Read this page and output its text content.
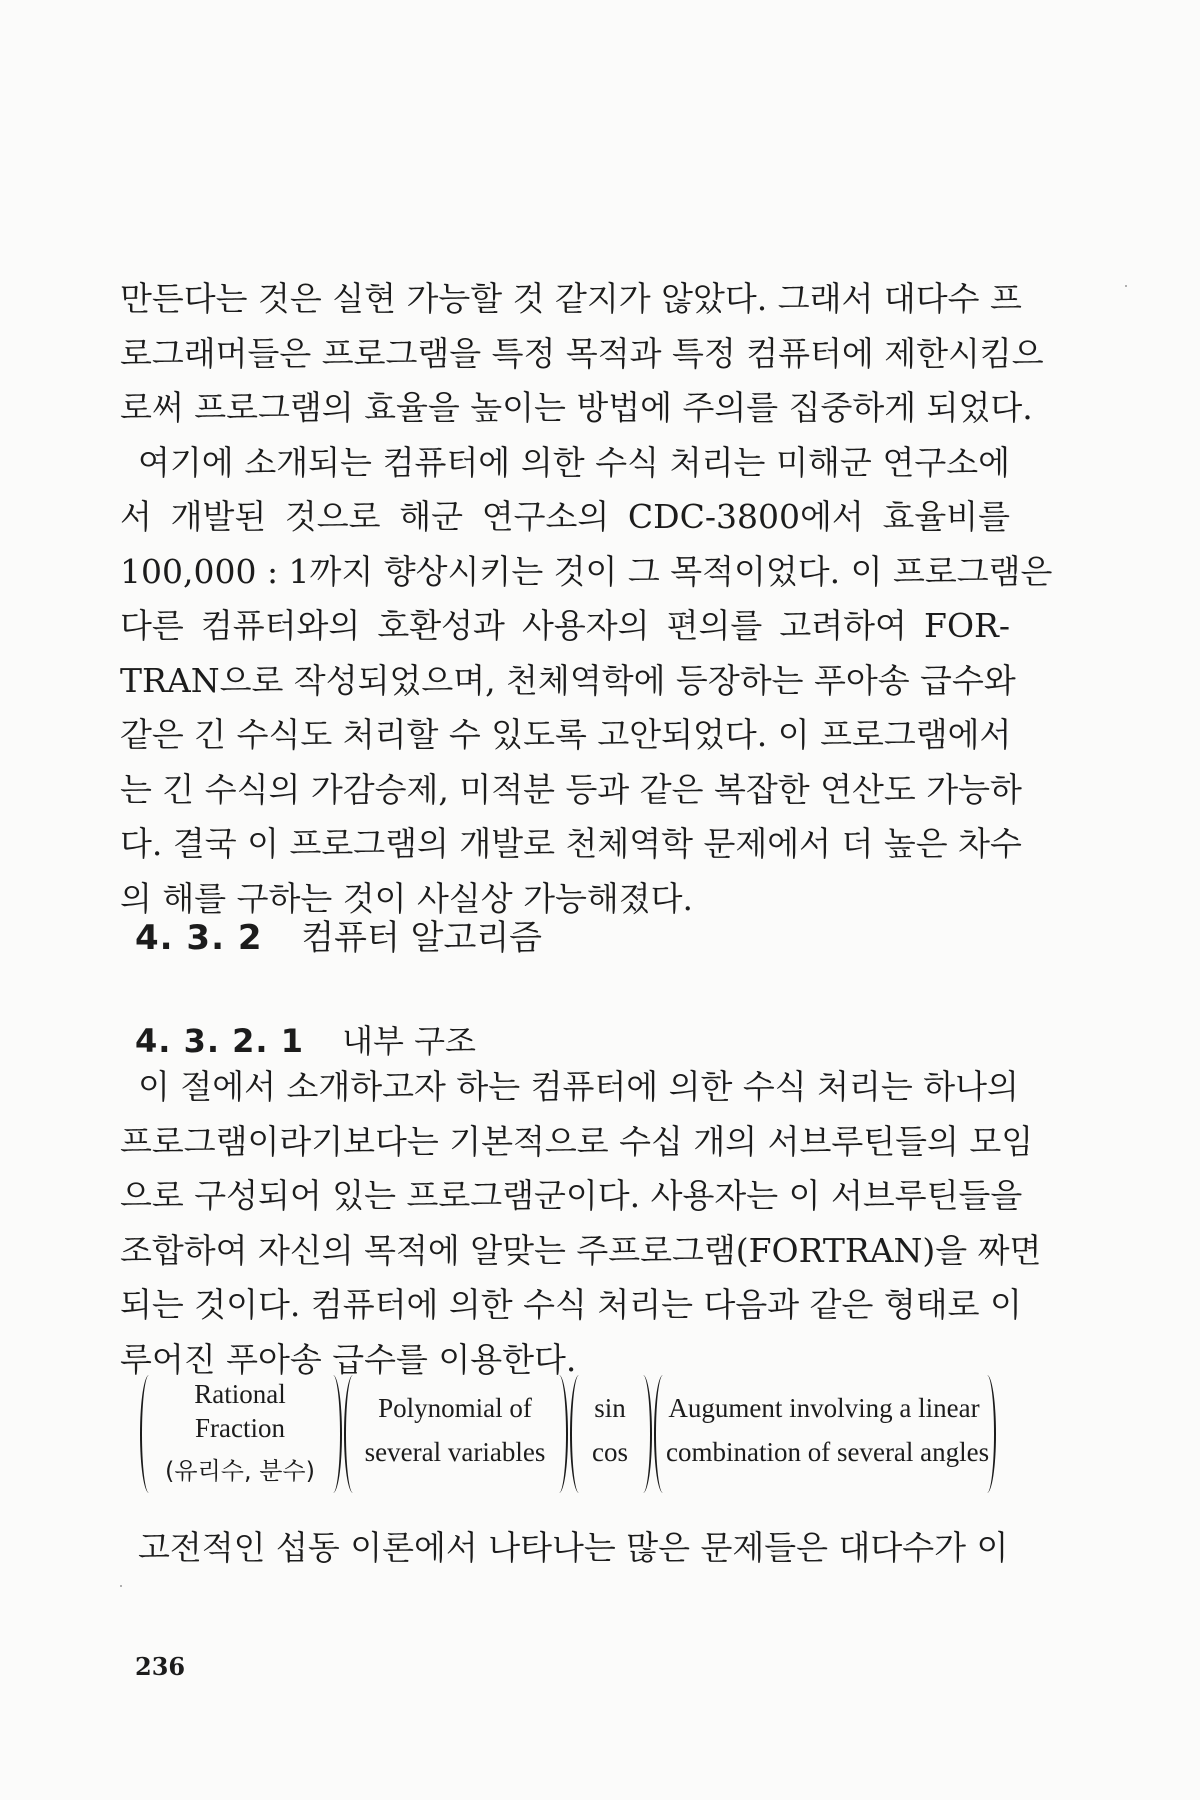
만든다는 것은 실현 가능할 것 같지가 않았다. 그래서 대다수 프
로그래머들은 프로그램을 특정 목적과 특정 컴퓨터에 제한시킴으
로써 프로그램의 효율을 높이는 방법에 주의를 집중하게 되었다.
여기에 소개되는 컴퓨터에 의한 수식 처리는 미해군 연구소에
서 개발된 것으로 해군 연구소의 CDC-3800에서 효율비를
100,000 : 1까지 향상시키는 것이 그 목적이었다. 이 프로그램은
다른 컴퓨터와의 호환성과 사용자의 편의를 고려하여 FOR-
TRAN으로 작성되었으며, 천체역학에 등장하는 푸아송 급수와
같은 긴 수식도 처리할 수 있도록 고안되었다. 이 프로그램에서
는 긴 수식의 가감승제, 미적분 등과 같은 복잡한 연산도 가능하
다. 결국 이 프로그램의 개발로 천체역학 문제에서 더 높은 차수
의 해를 구하는 것이 사실상 가능해졌다.
4. 3. 2 컴퓨터 알고리즘
4. 3. 2. 1 내부 구조
이 절에서 소개하고자 하는 컴퓨터에 의한 수식 처리는 하나의
프로그램이라기보다는 기본적으로 수십 개의 서브루틴들의 모임
으로 구성되어 있는 프로그램군이다. 사용자는 이 서브루틴들을
조합하여 자신의 목적에 알맞는 주프로그램(FORTRAN)을 짜면
되는 것이다. 컴퓨터에 의한 수식 처리는 다음과 같은 형태로 이
루어진 푸아송 급수를 이용한다.
Rational
Fraction
(유리수, 분수)
Polynomial of
several variables
sin
cos
Augument involving a linear
combination of several angles
고전적인 섭동 이론에서 나타나는 많은 문제들은 대다수가 이
236
